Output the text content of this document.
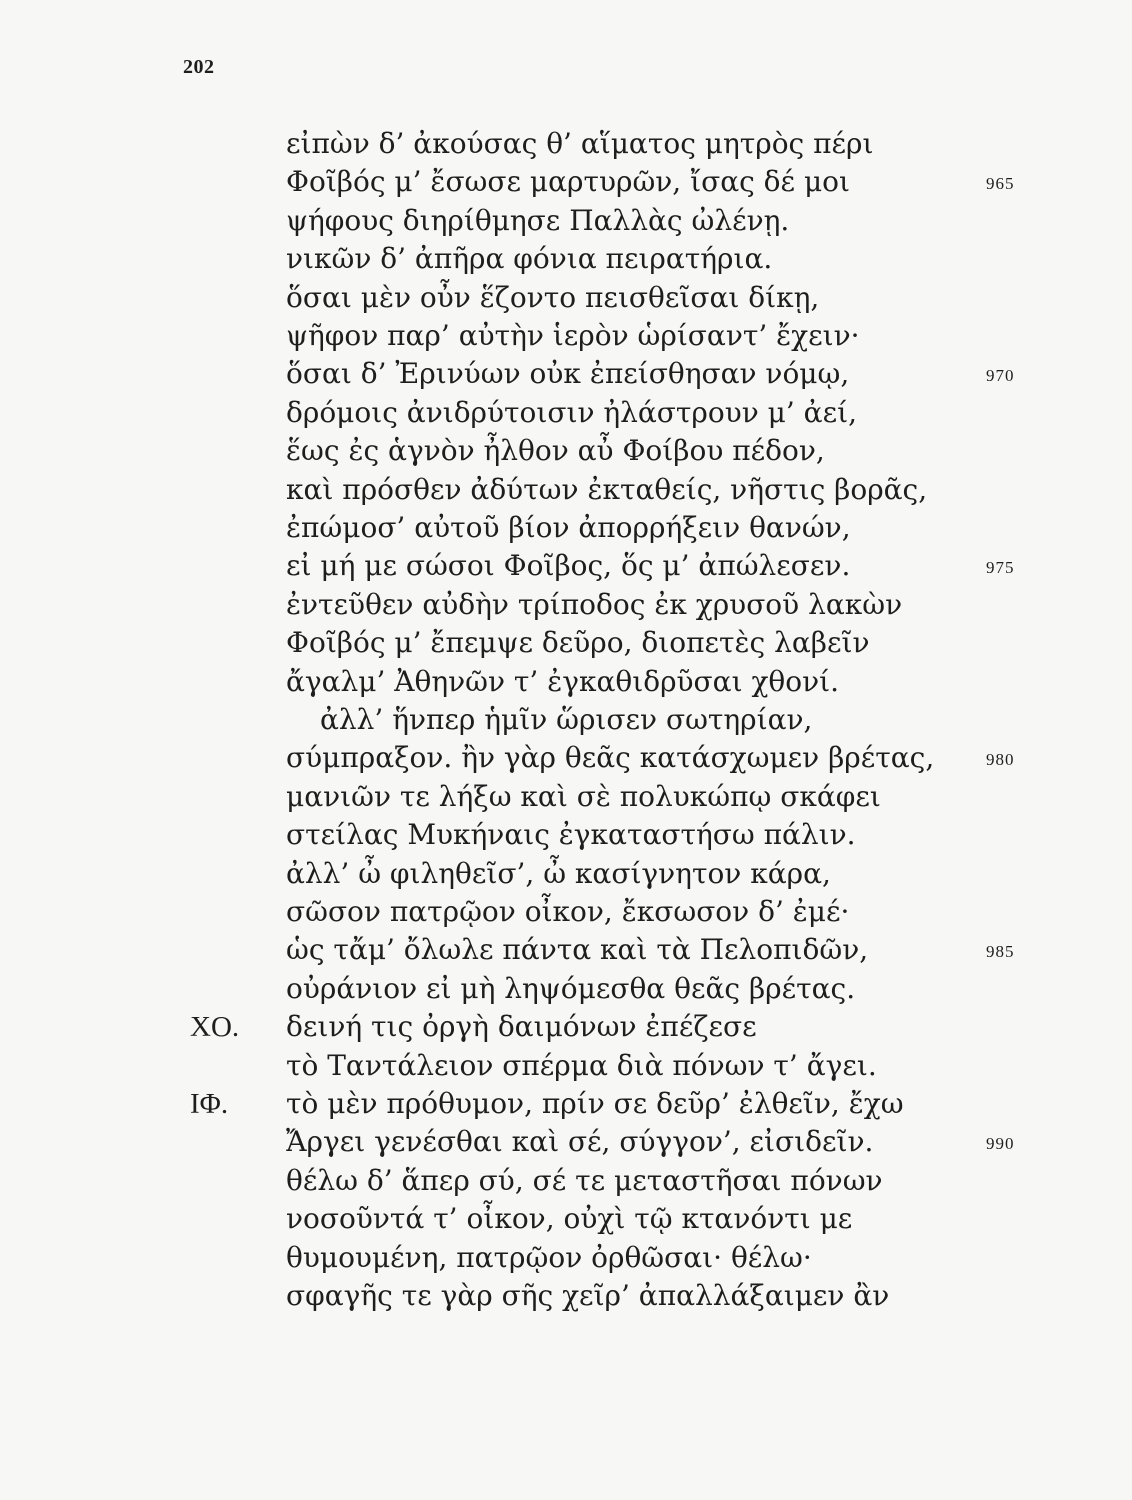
202
εἰπὼν δ’ ἀκούσας θ’ αἵματος μητρὸς πέρι
Φοῖβός μ’ ἔσωσε μαρτυρῶν, ἴσας δέ μοι	965
ψήφους διηρίθμησε Παλλὰς ὠλένῃ.
νικῶν δ’ ἀπῆρα φόνια πειρατήρια.
ὅσαι μὲν οὖν ἕζοντο πεισθεῖσαι δίκῃ,
ψῆφον παρ’ αὐτὴν ἱερὸν ὡρίσαντ’ ἔχειν·
ὅσαι δ’ Ἐρινύων οὐκ ἐπείσθησαν νόμῳ,	970
δρόμοις ἀνιδρύτοισιν ἠλάστρουν μ’ ἀεί,
ἕως ἐς ἁγνὸν ἦλθον αὖ Φοίβου πέδον,
καὶ πρόσθεν ἀδύτων ἐκταθείς, νῆστις βορᾶς,
ἐπώμοσ’ αὐτοῦ βίον ἀπορρήξειν θανών,
εἰ μή με σώσοι Φοῖβος, ὅς μ’ ἀπώλεσεν.	975
ἐντεῦθεν αὐδὴν τρίποδος ἐκ χρυσοῦ λακὼν
Φοῖβός μ’ ἔπεμψε δεῦρο, διοπετὲς λαβεῖν
ἄγαλμ’ Ἀθηνῶν τ’ ἐγκαθιδρῦσαι χθονί.
ἀλλ’ ἥνπερ ἡμῖν ὥρισεν σωτηρίαν,
σύμπραξον. ἢν γὰρ θεᾶς κατάσχωμεν βρέτας,	980
μανιῶν τε λήξω καὶ σὲ πολυκώπῳ σκάφει
στείλας Μυκήναις ἐγκαταστήσω πάλιν.
ἀλλ’ ὦ φιληθεῖσ’, ὦ κασίγνητον κάρα,
σῶσον πατρῷον οἶκον, ἔκσωσον δ’ ἐμέ·
ὡς τἄμ’ ὄλωλε πάντα καὶ τὰ Πελοπιδῶν,	985
οὐράνιον εἰ μὴ ληψόμεσθα θεᾶς βρέτας.
ΧΟ. δεινή τις ὀργὴ δαιμόνων ἐπέζεσε
τὸ Ταντάλειον σπέρμα διὰ πόνων τ’ ἄγει.
ΙΦ. τὸ μὲν πρόθυμον, πρίν σε δεῦρ’ ἐλθεῖν, ἔχω
Ἄργει γενέσθαι καὶ σέ, σύγγον’, εἰσιδεῖν.	990
θέλω δ’ ἅπερ σύ, σέ τε μεταστῆσαι πόνων
νοσοῦντά τ’ οἶκον, οὐχὶ τῷ κτανόντι με
θυμουμένη, πατρῷον ὀρθῶσαι· θέλω·
σφαγῆς τε γὰρ σῆς χεῖρ’ ἀπαλλάξαιμεν ἂν
